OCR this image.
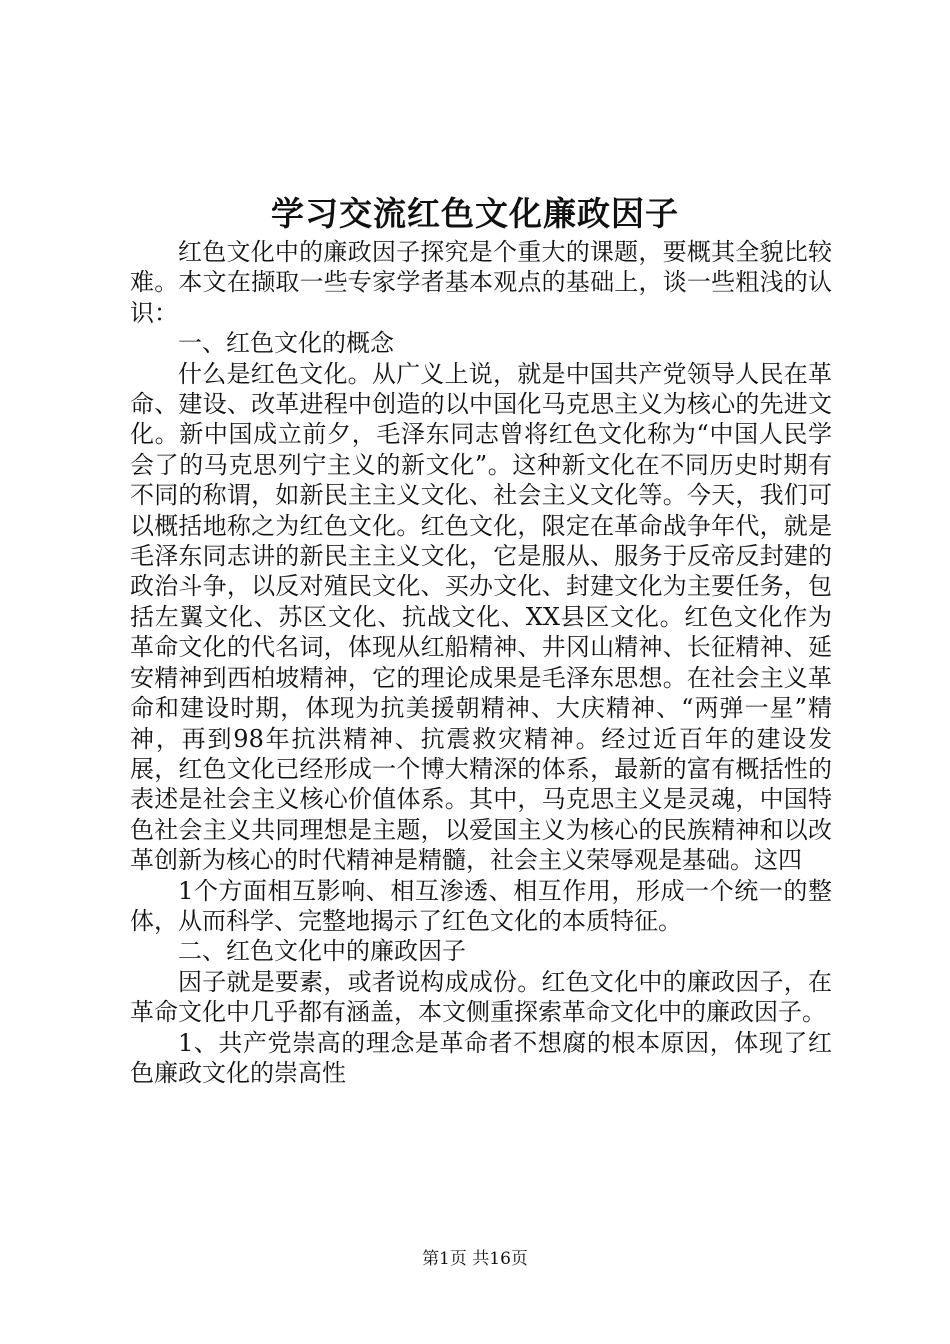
学习交流红色文化廉政因子

红色文化中的廉政因子探究是个重大的课题，要概其全貌比较难。本文在撷取一些专家学者基本观点的基础上，谈一些粗浅的认识：

一、红色文化的概念

什么是红色文化。从广义上说，就是中国共产党领导人民在革命、建设、改革进程中创造的以中国化马克思主义为核心的先进文化。新中国成立前夕，毛泽东同志曾将红色文化称为“中国人民学会了的马克思列宁主义的新文化”。这种新文化在不同历史时期有不同的称谓，如新民主主义文化、社会主义文化等。今天，我们可以概括地称之为红色文化。红色文化，限定在革命战争年代，就是毛泽东同志讲的新民主主义文化，它是服从、服务于反帝反封建的政治斗争，以反对殖民文化、买办文化、封建文化为主要任务，包括左翼文化、苏区文化、抗战文化、XX县区文化。红色文化作为革命文化的代名词，体现从红船精神、井冈山精神、长征精神、延安精神到西柏坡精神，它的理论成果是毛泽东思想。在社会主义革命和建设时期，体现为抗美援朝精神、大庆精神、“两弹一星”精神，再到98年抗洪精神、抗震救灾精神。经过近百年的建设发展，红色文化已经形成一个博大精深的体系，最新的富有概括性的表述是社会主义核心价值体系。其中，马克思主义是灵魂，中国特色社会主义共同理想是主题，以爱国主义为核心的民族精神和以改革创新为核心的时代精神是精髓，社会主义荣辱观是基础。这四

1个方面相互影响、相互渗透、相互作用，形成一个统一的整体，从而科学、完整地揭示了红色文化的本质特征。

二、红色文化中的廉政因子

因子就是要素，或者说构成成份。红色文化中的廉政因子，在革命文化中几乎都有涵盖，本文侧重探索革命文化中的廉政因子。

1、共产党崇高的理念是革命者不想腐的根本原因，体现了红色廉政文化的崇高性

第1页 共16页
